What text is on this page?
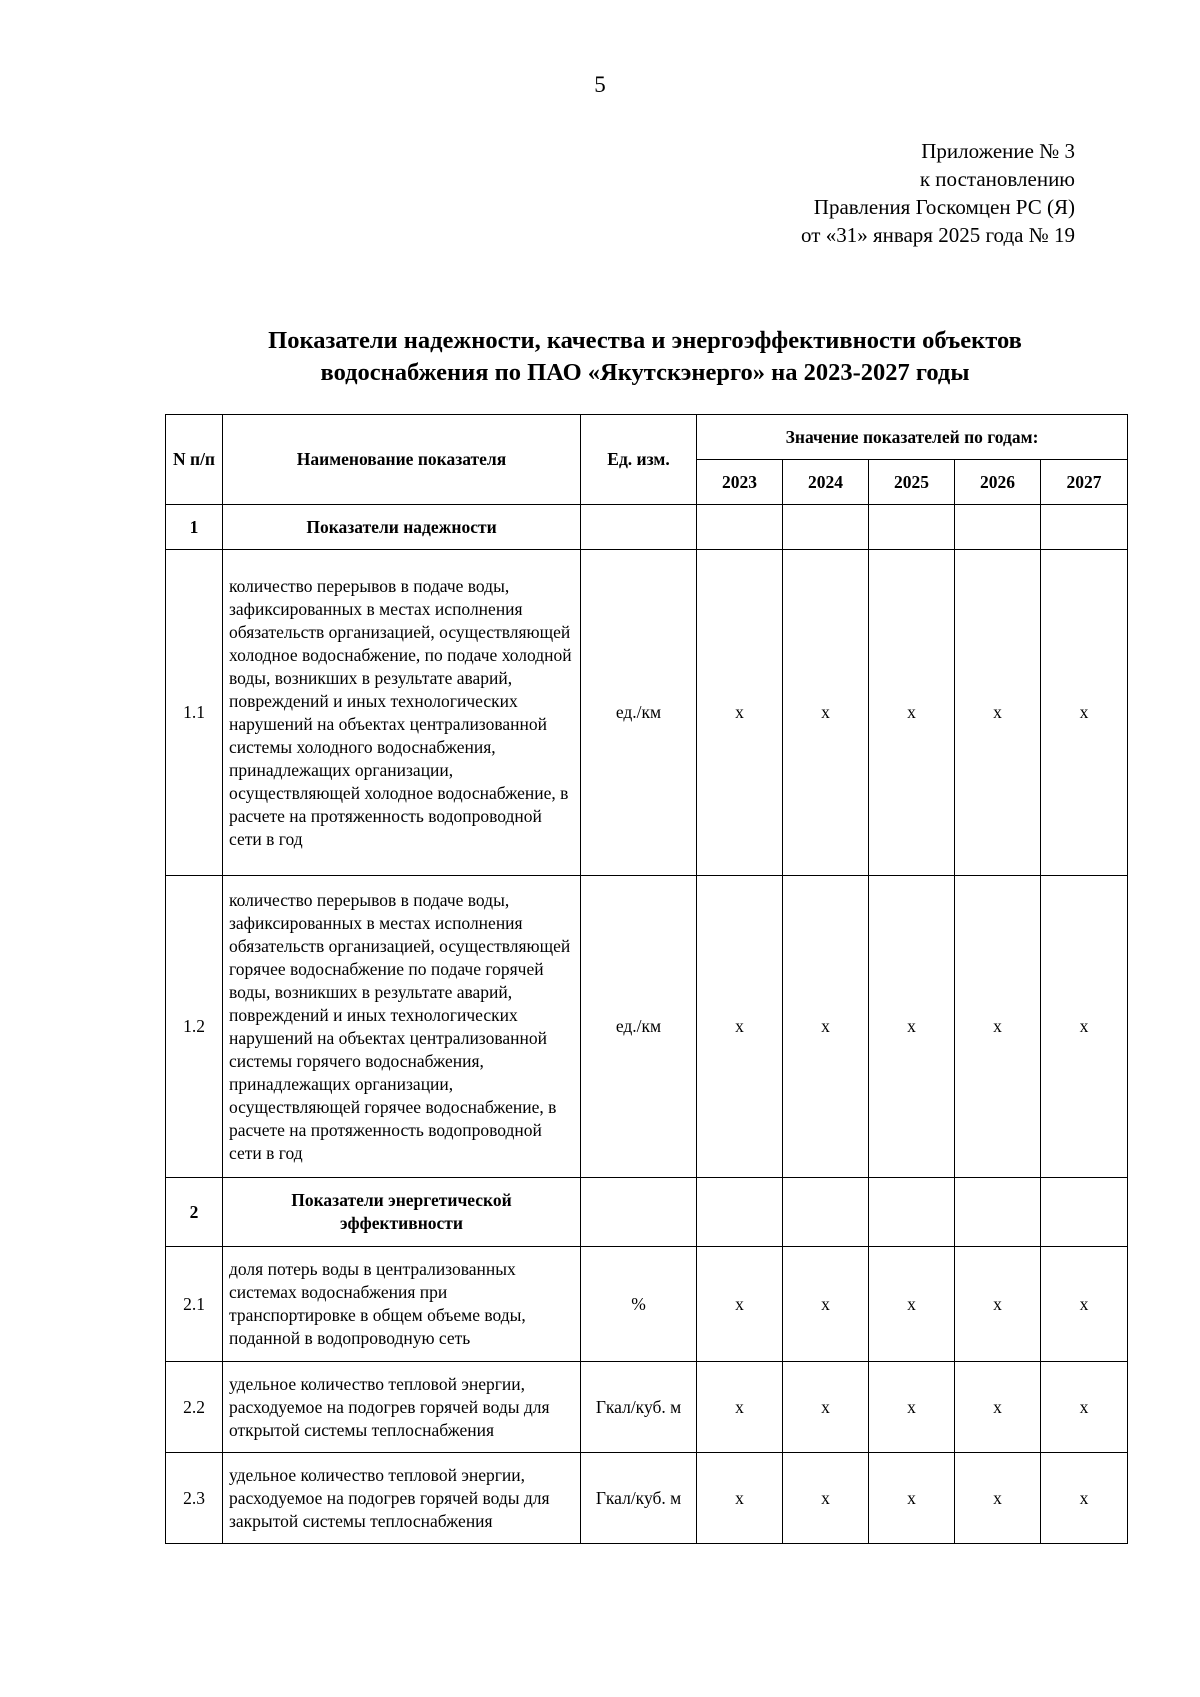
5
Приложение № 3
к постановлению
Правления Госкомцен РС (Я)
от «31» января 2025 года № 19
Показатели надежности, качества и энергоэффективности объектов
водоснабжения по ПАО «Якутскэнерго» на 2023-2027 годы
N п/п	Наименование показателя	Ед. изм.	Значение показателей по годам:				
			2023	2024	2025	2026	2027
1	Показатели надежности						
1.1	количество перерывов в подаче воды, зафиксированных в местах исполнения обязательств организацией, осуществляющей холодное водоснабжение, по подаче холодной воды, возникших в результате аварий, повреждений и иных технологических нарушений на объектах централизованной системы холодного водоснабжения, принадлежащих организации, осуществляющей холодное водоснабжение, в расчете на протяженность водопроводной сети в год	ед./км	x	x	x	x	x
1.2	количество перерывов в подаче воды, зафиксированных в местах исполнения обязательств организацией, осуществляющей горячее водоснабжение по подаче горячей воды, возникших в результате аварий, повреждений и иных технологических нарушений на объектах централизованной системы горячего водоснабжения, принадлежащих организации, осуществляющей горячее водоснабжение, в расчете на протяженность водопроводной сети в год	ед./км	x	x	x	x	x
2	Показатели энергетической эффективности						
2.1	доля потерь воды в централизованных системах водоснабжения при транспортировке в общем объеме воды, поданной в водопроводную сеть	%	x	x	x	x	x
2.2	удельное количество тепловой энергии, расходуемое на подогрев горячей воды для открытой системы теплоснабжения	Гкал/куб. м	x	x	x	x	x
2.3	удельное количество тепловой энергии, расходуемое на подогрев горячей воды для закрытой системы теплоснабжения	Гкал/куб. м	x	x	x	x	x
